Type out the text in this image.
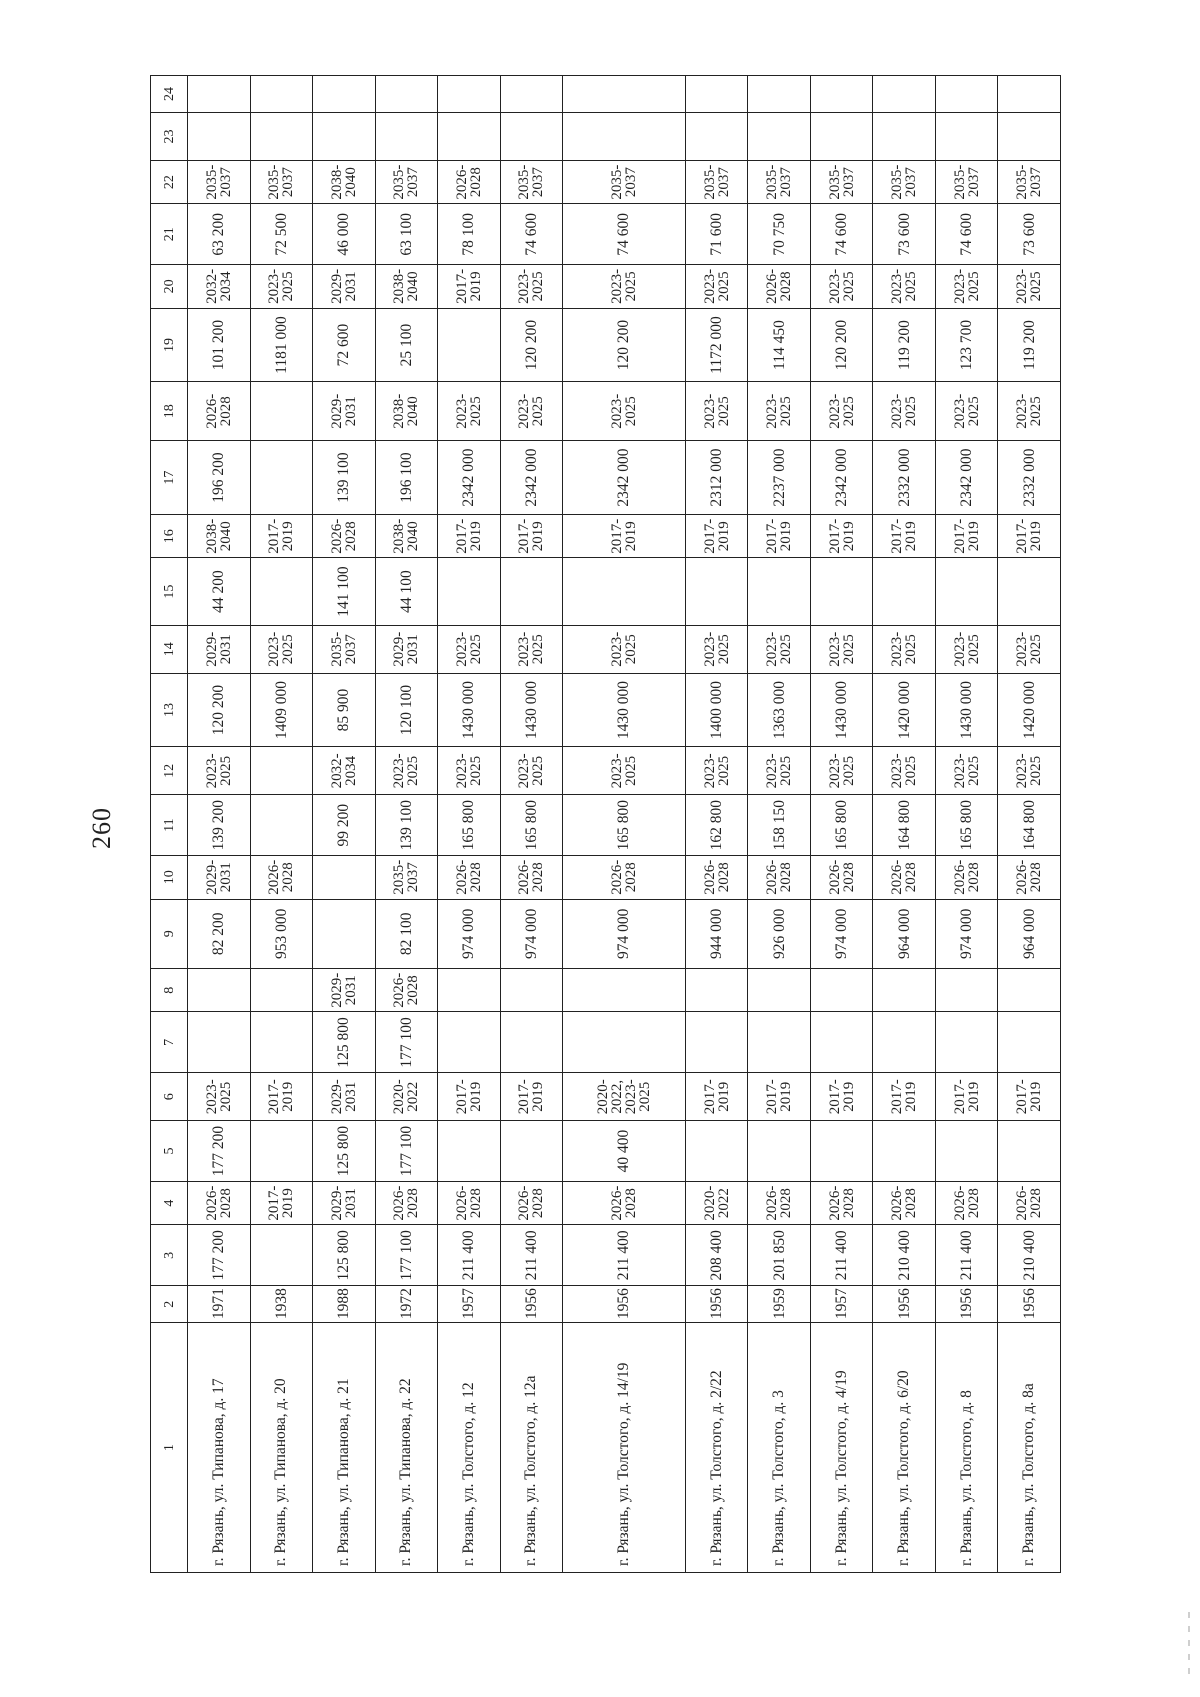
260
1	2	3	4	5	6	7	8	9	10	11	12	13	14	15	16	17	18	19	20	21	22	23	24
г. Рязань, ул. Типанова, д. 17	1971	177 200	2026-2028	177 200	2023-2025			82 200	2029-2031	139 200	2023-2025	120 200	2029-2031	44 200	2038-2040	196 200	2026-2028	101 200	2032-2034	63 200	2035-2037		
г. Рязань, ул. Типанова, д. 20	1938		2017-2019		2017-2019			953 000	2026-2028			1409 000	2023-2025		2017-2019			1181 000	2023-2025	72 500	2035-2037		
г. Рязань, ул. Типанова, д. 21	1988	125 800	2029-2031	125 800	2029-2031	125 800	2029-2031			99 200	2032-2034	85 900	2035-2037	141 100	2026-2028	139 100	2029-2031	72 600	2029-2031	46 000	2038-2040		
г. Рязань, ул. Типанова, д. 22	1972	177 100	2026-2028	177 100	2020-2022	177 100	2026-2028	82 100	2035-2037	139 100	2023-2025	120 100	2029-2031	44 100	2038-2040	196 100	2038-2040	25 100	2038-2040	63 100	2035-2037		
г. Рязань, ул. Толстого, д. 12	1957	211 400	2026-2028		2017-2019			974 000	2026-2028	165 800	2023-2025	1430 000	2023-2025		2017-2019	2342 000	2023-2025		2017-2019	78 100	2026-2028		
г. Рязань, ул. Толстого, д. 12а	1956	211 400	2026-2028		2017-2019			974 000	2026-2028	165 800	2023-2025	1430 000	2023-2025		2017-2019	2342 000	2023-2025	120 200	2023-2025	74 600	2035-2037		
г. Рязань, ул. Толстого, д. 14/19	1956	211 400	2026-2028	40 400	2020-2022, 2023-2025			974 000	2026-2028	165 800	2023-2025	1430 000	2023-2025		2017-2019	2342 000	2023-2025	120 200	2023-2025	74 600	2035-2037		
г. Рязань, ул. Толстого, д. 2/22	1956	208 400	2020-2022		2017-2019			944 000	2026-2028	162 800	2023-2025	1400 000	2023-2025		2017-2019	2312 000	2023-2025	1172 000	2023-2025	71 600	2035-2037		
г. Рязань, ул. Толстого, д. 3	1959	201 850	2026-2028		2017-2019			926 000	2026-2028	158 150	2023-2025	1363 000	2023-2025		2017-2019	2237 000	2023-2025	114 450	2026-2028	70 750	2035-2037		
г. Рязань, ул. Толстого, д. 4/19	1957	211 400	2026-2028		2017-2019			974 000	2026-2028	165 800	2023-2025	1430 000	2023-2025		2017-2019	2342 000	2023-2025	120 200	2023-2025	74 600	2035-2037		
г. Рязань, ул. Толстого, д. 6/20	1956	210 400	2026-2028		2017-2019			964 000	2026-2028	164 800	2023-2025	1420 000	2023-2025		2017-2019	2332 000	2023-2025	119 200	2023-2025	73 600	2035-2037		
г. Рязань, ул. Толстого, д. 8	1956	211 400	2026-2028		2017-2019			974 000	2026-2028	165 800	2023-2025	1430 000	2023-2025		2017-2019	2342 000	2023-2025	123 700	2023-2025	74 600	2035-2037		
г. Рязань, ул. Толстого, д. 8а	1956	210 400	2026-2028		2017-2019			964 000	2026-2028	164 800	2023-2025	1420 000	2023-2025		2017-2019	2332 000	2023-2025	119 200	2023-2025	73 600	2035-2037		
